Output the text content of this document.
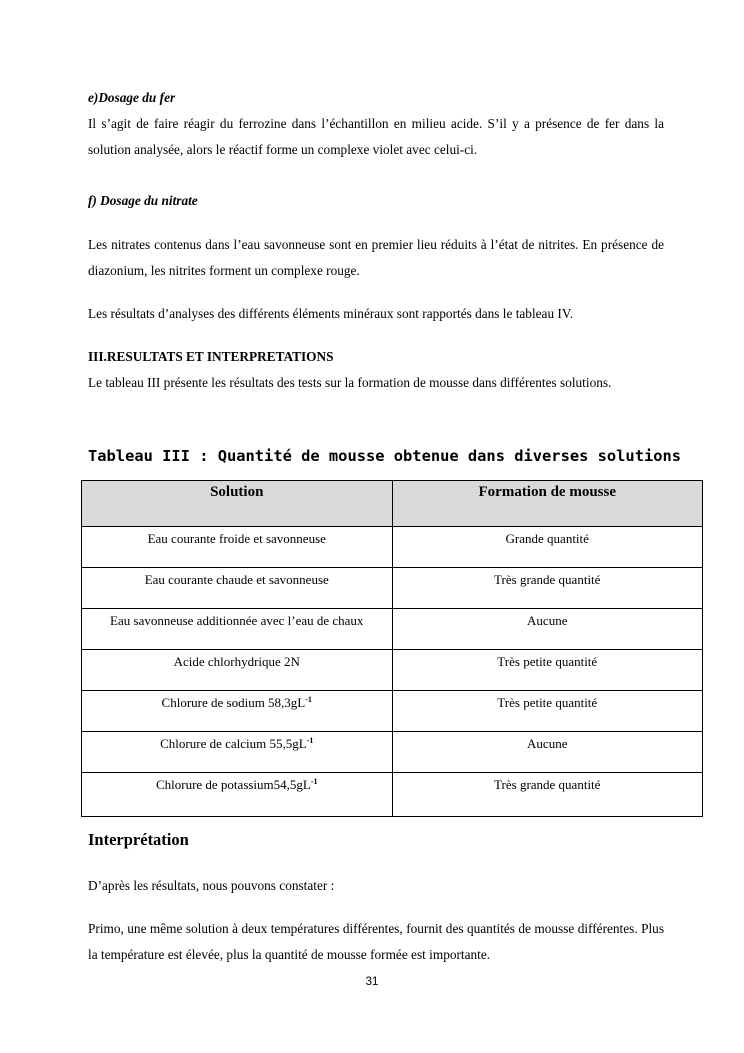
e)Dosage du fer
Il s’agit de faire réagir du ferrozine dans l’échantillon en milieu acide. S’il y a présence de fer dans la solution analysée, alors le réactif forme un complexe violet avec celui-ci.
f) Dosage du nitrate
Les nitrates contenus dans l’eau savonneuse sont en premier lieu réduits à l’état de nitrites. En présence de diazonium, les nitrites forment un complexe rouge.
Les résultats d’analyses des différents éléments minéraux sont rapportés dans le tableau IV.
III.RESULTATS ET INTERPRETATIONS
Le tableau III présente les résultats des tests sur la formation de mousse dans différentes solutions.
Tableau III : Quantité de mousse obtenue dans diverses solutions
Solution	Formation de mousse
Eau courante froide et savonneuse	Grande quantité
Eau courante chaude et savonneuse	Très grande quantité
Eau savonneuse additionnée avec l’eau de chaux	Aucune
Acide chlorhydrique 2N	Très petite quantité
Chlorure de sodium $58,3gL^{-1}$	Très petite quantité
Chlorure de calcium $55,5gL^{-1}$	Aucune
Chlorure de $potassium54,5gL^{-1}$	Très grande quantité
Interprétation
D’après les résultats, nous pouvons constater :
Primo, une même solution à deux températures différentes, fournit des quantités de mousse différentes. Plus la température est élevée, plus la quantité de mousse formée est importante.
31
